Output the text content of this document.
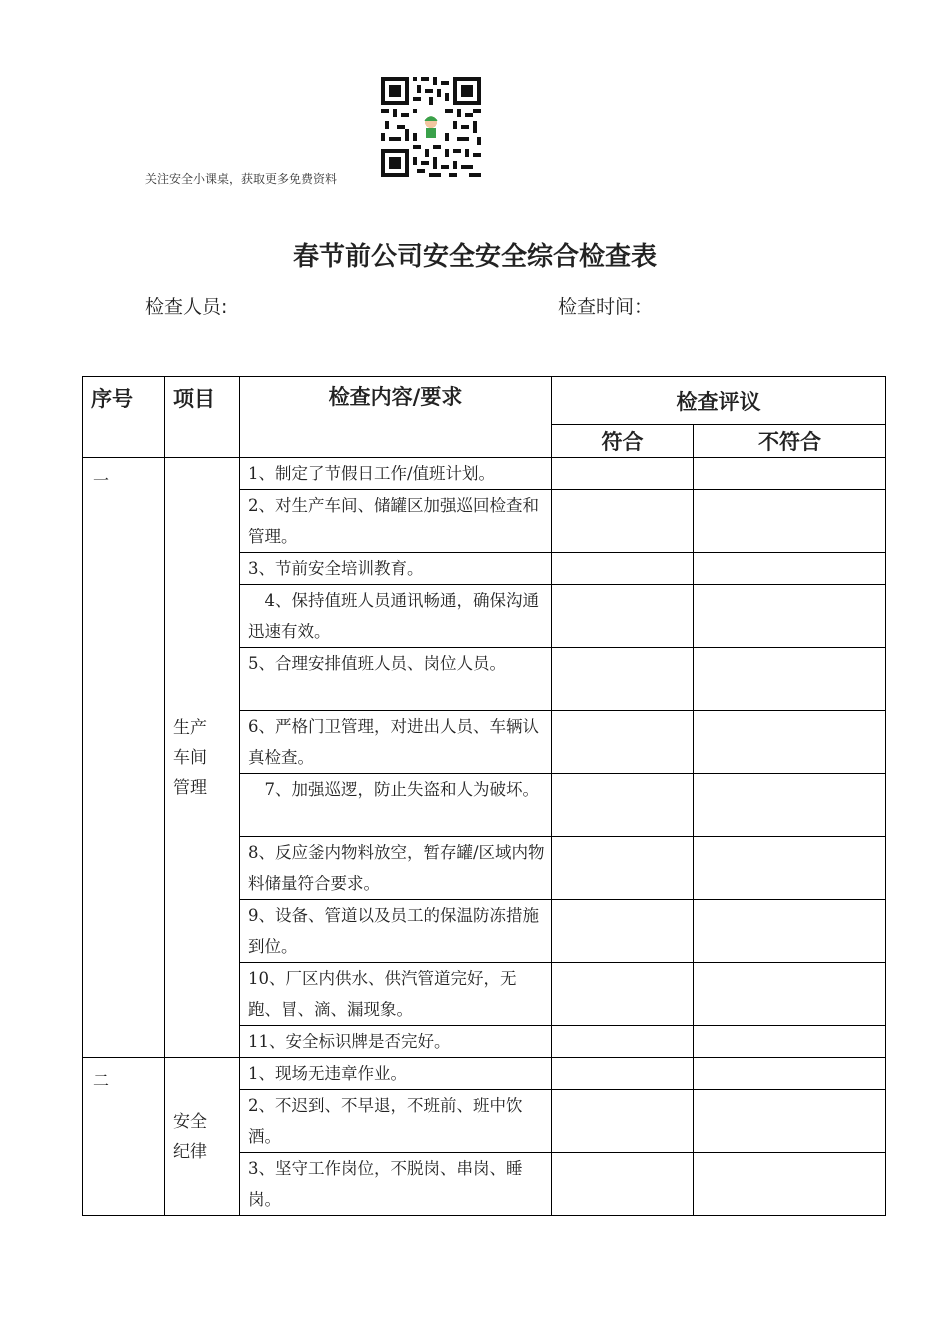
关注安全小课桌，获取更多免费资料
春节前公司安全安全综合检查表
检查人员:	检查时间：
序号	项目	检查内容/要求	检查评议	
			符合	不符合
一	生产车间管理	1、制定了节假日工作/值班计划。		
		2、对生产车间、储罐区加强巡回检查和管理。		
		3、节前安全培训教育。		
		4、保持值班人员通讯畅通，确保沟通迅速有效。		
		5、合理安排值班人员、岗位人员。		
		6、严格门卫管理，对进出人员、车辆认真检查。		
		7、加强巡逻，防止失盗和人为破坏。		
		8、反应釜内物料放空，暂存罐/区域内物料储量符合要求。		
		9、设备、管道以及员工的保温防冻措施到位。		
		10、厂区内供水、供汽管道完好，无跑、冒、滴、漏现象。		
		11、安全标识牌是否完好。		
二	安全纪律	1、现场无违章作业。		
		2、不迟到、不早退，不班前、班中饮酒。		
		3、坚守工作岗位，不脱岗、串岗、睡岗。		
